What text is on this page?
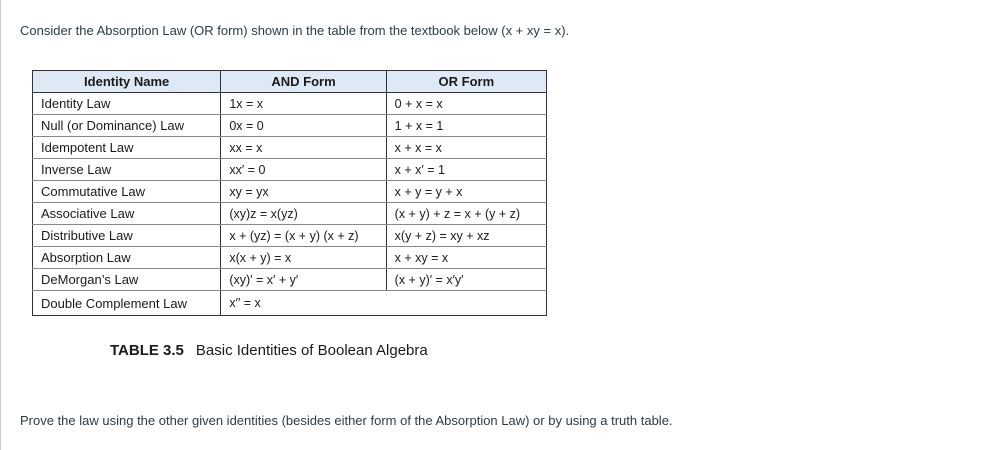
Consider the Absorption Law (OR form) shown in the table from the textbook below (x + xy = x).
Identity Name	AND Form	OR Form
Identity Law	1x = x	0 + x = x
Null (or Dominance) Law	0x = 0	1 + x = 1
Idempotent Law	xx = x	x + x = x
Inverse Law	xx′ = 0	x + x′ = 1
Commutative Law	xy = yx	x + y = y + x
Associative Law	(xy)z = x(yz)	(x + y) + z = x + (y + z)
Distributive Law	x + (yz) = (x + y) (x + z)	x(y + z) = xy + xz
Absorption Law	x(x + y) = x	x + xy = x
DeMorgan’s Law	(xy)′ = x′ + y′	(x + y)′ = x′y′
Double Complement Law	x′′ = x	
TABLE 3.5 Basic Identities of Boolean Algebra
Prove the law using the other given identities (besides either form of the Absorption Law) or by using a truth table.
